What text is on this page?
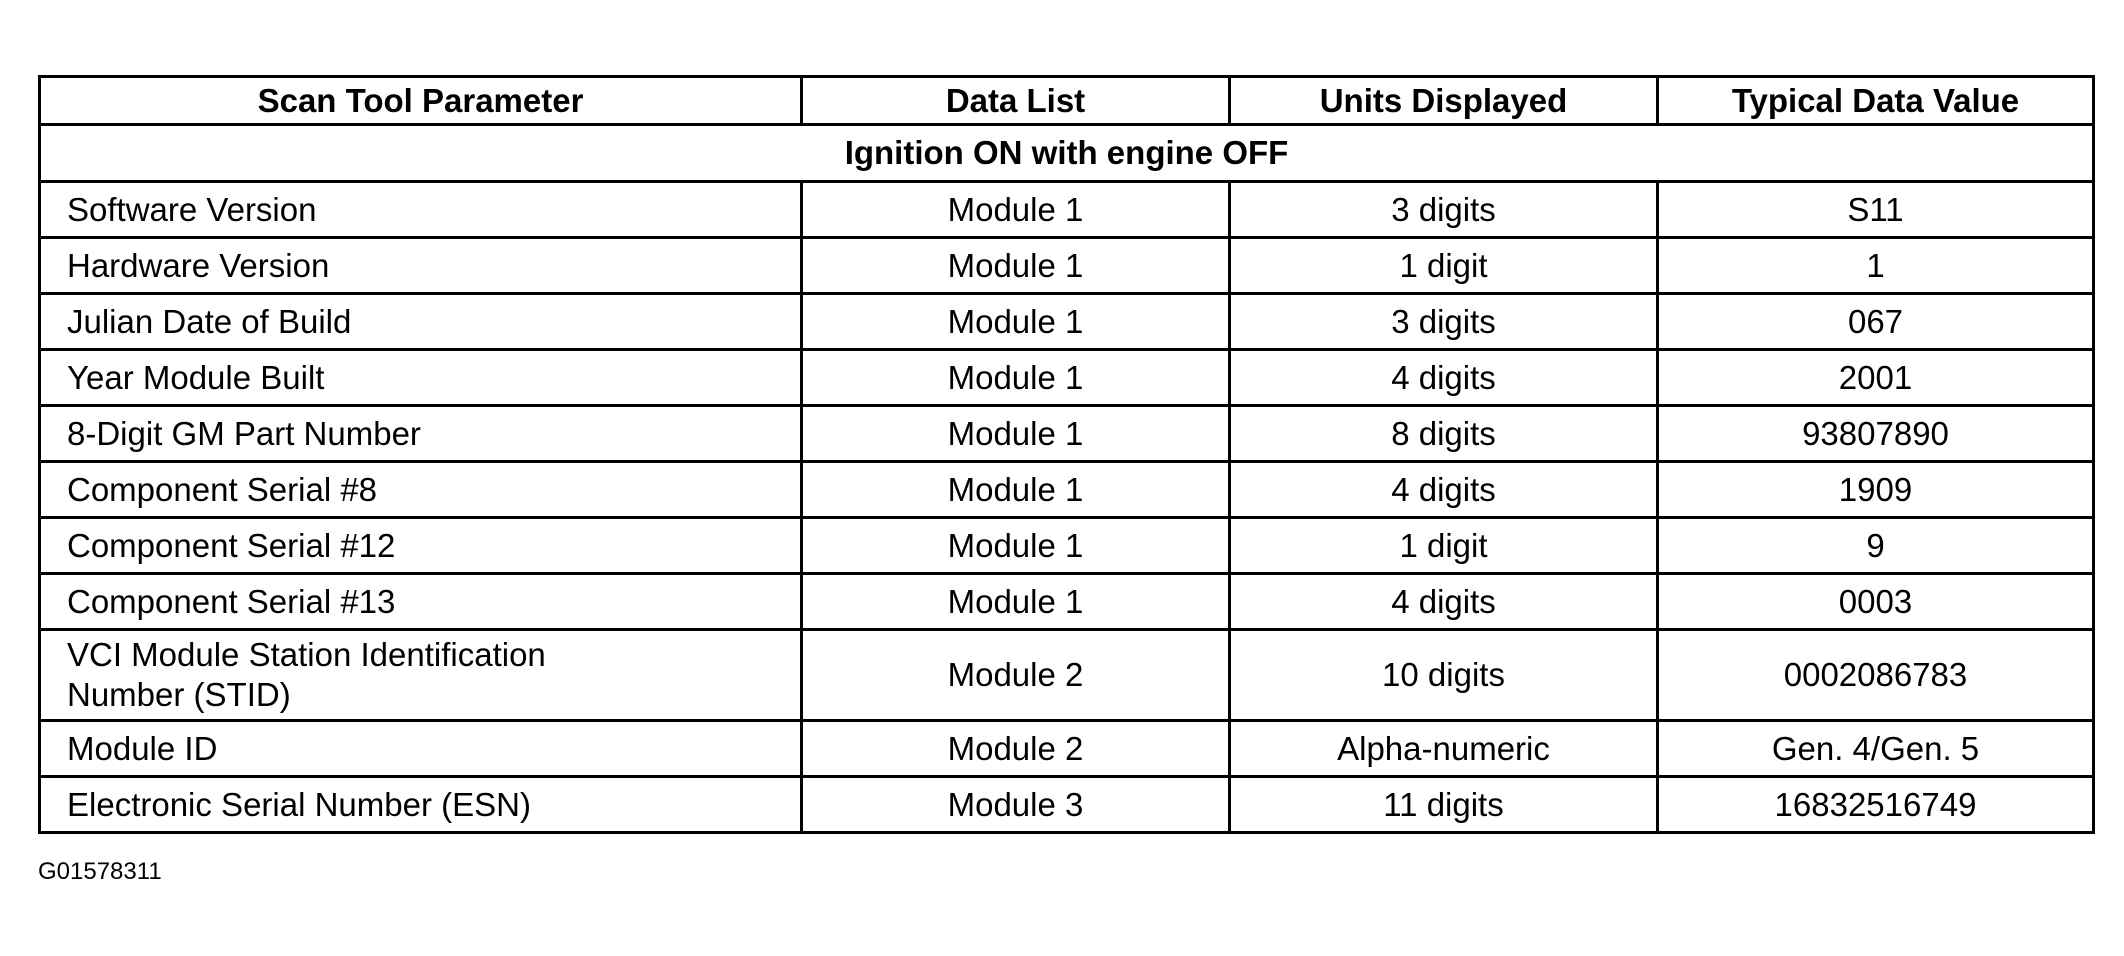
Scan Tool Parameter	Data List	Units Displayed	Typical Data Value
Ignition ON with engine OFF			
Software Version	Module 1	3 digits	S11
Hardware Version	Module 1	1 digit	1
Julian Date of Build	Module 1	3 digits	067
Year Module Built	Module 1	4 digits	2001
8-Digit GM Part Number	Module 1	8 digits	93807890
Component Serial #8	Module 1	4 digits	1909
Component Serial #12	Module 1	1 digit	9
Component Serial #13	Module 1	4 digits	0003

VCI Module Station Identification
Number (STID)	Module 2	10 digits	0002086783
Module ID	Module 2	Alpha-numeric	Gen. 4/Gen. 5
Electronic Serial Number (ESN)	Module 3	11 digits	16832516749
G01578311
